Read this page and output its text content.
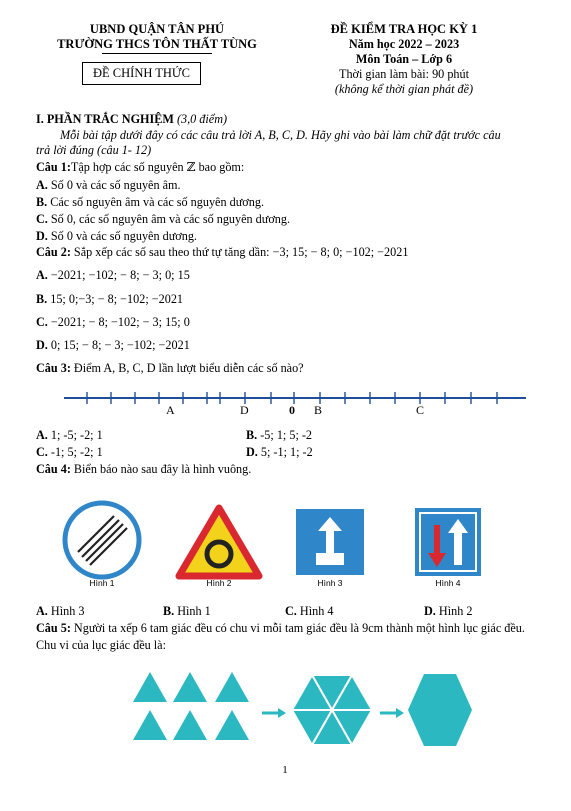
UBND QUẬN TÂN PHÚ
TRƯỜNG THCS TÔN THẤT TÙNG
ĐỀ CHÍNH THỨC
ĐỀ KIỂM TRA HỌC KỲ 1
Năm học 2022 – 2023
Môn Toán – Lớp 6
Thời gian làm bài: 90 phút
(không kể thời gian phát đề)
I. PHẦN TRẮC NGHIỆM (3,0 điểm)
Mỗi bài tập dưới đây có các câu trả lời A, B, C, D. Hãy ghi vào bài làm chữ đặt trước câu
trả lời đúng (câu 1- 12)
Câu 1:Tập hợp các số nguyên ℤ bao gồm:
A. Số 0 và các số nguyên âm.
B. Các số nguyên âm và các số nguyên dương.
C. Số 0, các số nguyên âm và các số nguyên dương.
D. Số 0 và các số nguyên dương.
Câu 2: Sắp xếp các số sau theo thứ tự tăng dần: −3; 15; − 8; 0; −102; −2021
A. −2021; −102; − 8; − 3; 0; 15
B. 15; 0;−3; − 8; −102; −2021
C. −2021; − 8; −102; − 3; 15; 0
D. 0; 15; − 8; − 3; −102; −2021
Câu 3: Điểm A, B, C, D lần lượt biểu diễn các số nào?
A	D	0 B	C
A. 1; -5; -2; 1	B. -5; 1; 5; -2
C. -1; 5; -2; 1	D. 5; -1; 1; -2
Câu 4: Biển báo nào sau đây là hình vuông.
Hình 1	Hình 2	Hình 3	Hình 4
A. Hình 3	B. Hình 1	C. Hình 4	D. Hình 2
Câu 5: Người ta xếp 6 tam giác đều có chu vi mỗi tam giác đều là 9cm thành một hình lục giác đều.
Chu vi của lục giác đều là:
1
